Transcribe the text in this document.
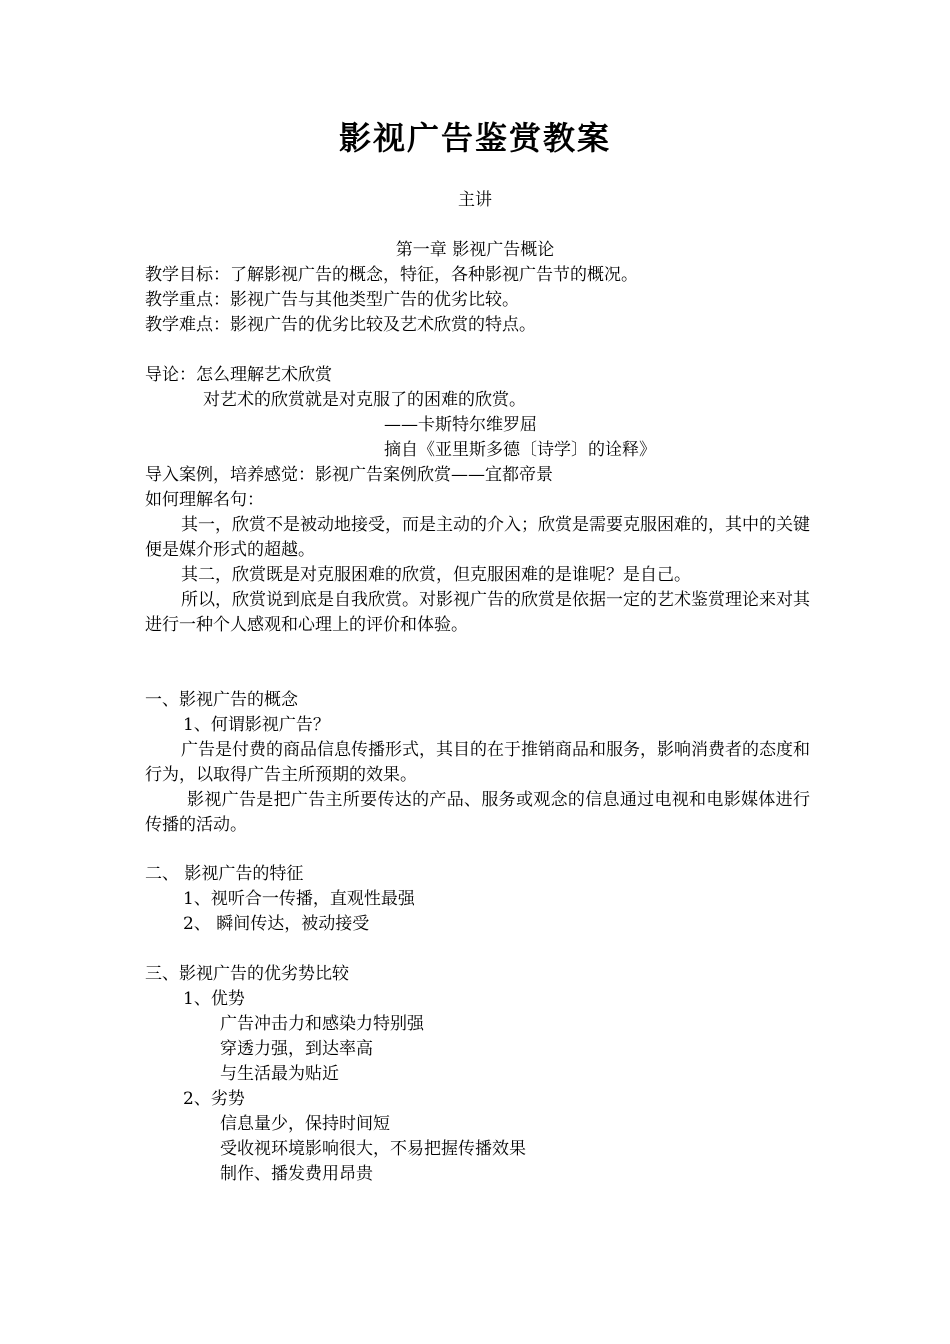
影视广告鉴赏教案
主讲
第一章 影视广告概论
教学目标：了解影视广告的概念，特征，各种影视广告节的概况。
教学重点：影视广告与其他类型广告的优劣比较。
教学难点：影视广告的优劣比较及艺术欣赏的特点。
导论：怎么理解艺术欣赏
对艺术的欣赏就是对克服了的困难的欣赏。
——卡斯特尔维罗屈
摘自《亚里斯多德〔诗学〕的诠释》
导入案例，培养感觉：影视广告案例欣赏——宜都帝景
如何理解名句：
其一，欣赏不是被动地接受，而是主动的介入；欣赏是需要克服困难的，其中的关键便是媒介形式的超越。
其二，欣赏既是对克服困难的欣赏，但克服困难的是谁呢？是自己。
所以，欣赏说到底是自我欣赏。对影视广告的欣赏是依据一定的艺术鉴赏理论来对其进行一种个人感观和心理上的评价和体验。
一、影视广告的概念
1、何谓影视广告？
广告是付费的商品信息传播形式，其目的在于推销商品和服务，影响消费者的态度和行为，以取得广告主所预期的效果。
影视广告是把广告主所要传达的产品、服务或观念的信息通过电视和电影媒体进行传播的活动。
二、 影视广告的特征
1、视听合一传播，直观性最强
2、 瞬间传达，被动接受
三、影视广告的优劣势比较
1、优势
广告冲击力和感染力特别强
穿透力强，到达率高
与生活最为贴近
2、劣势
信息量少，保持时间短
受收视环境影响很大，不易把握传播效果
制作、播发费用昂贵
